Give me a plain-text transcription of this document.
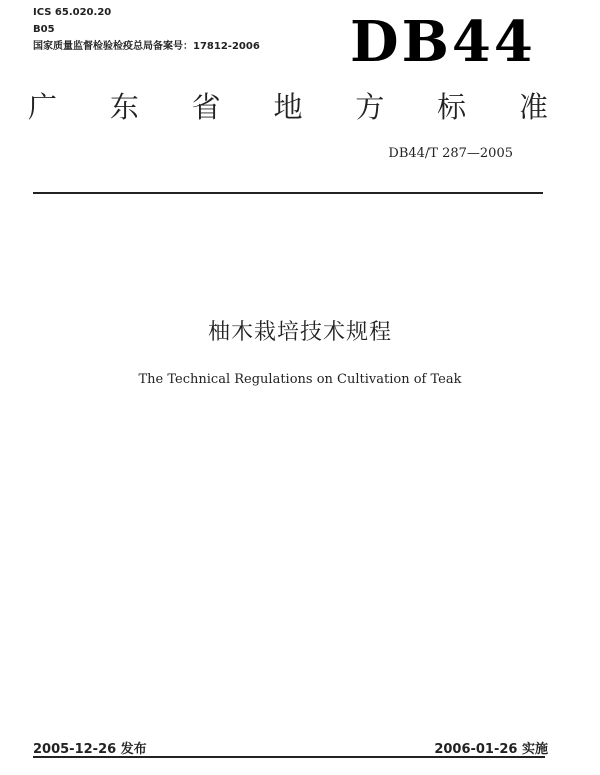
ICS 65.020.20
B05
国家质量监督检验检疫总局备案号：17812-2006 DB44
广 东 省 地 方 标 准
DB44/T 287—2005
柚木栽培技术规程
The Technical Regulations on Cultivation of Teak
2005-12-26 发布	2006-01-26 实施
